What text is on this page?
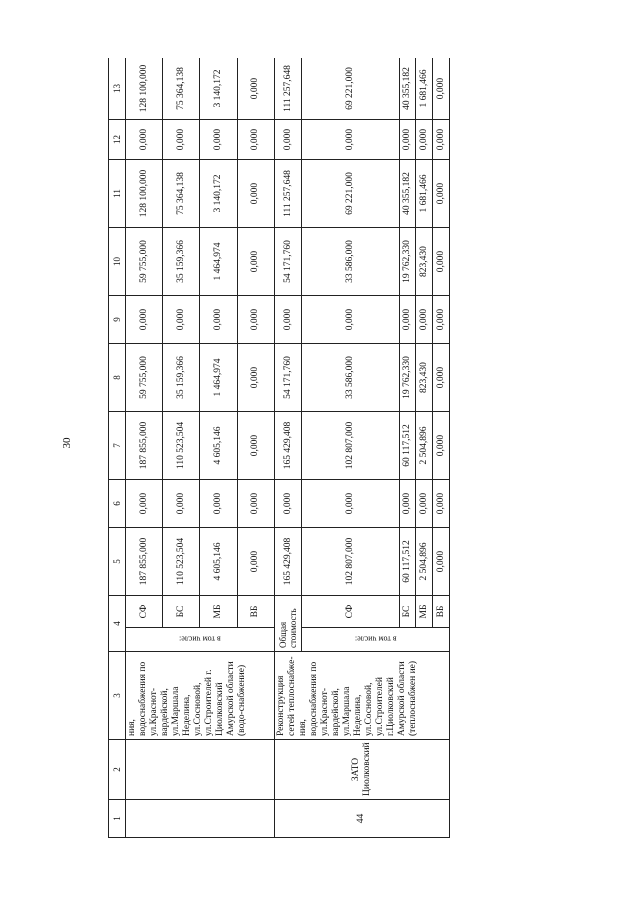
30
1	2	3	4		5	6	7	8	9	10	11	12	13
		ния, водоснабжения по ул.Краснот-вардейской, ул.Маршала Неделина, ул.Сосновой, ул.Строителей г. Циолковский Амурской области (водо-снабжение)	в том числе:	СФ	187 855,000	0,000	187 855,000	59 755,000	0,000	59 755,000	128 100,000	0,000	128 100,000
				БС	110 523,504	0,000	110 523,504	35 159,366	0,000	35 159,366	75 364,138	0,000	75 364,138
				МБ	4 605,146	0,000	4 605,146	1 464,974	0,000	1 464,974	3 140,172	0,000	3 140,172
				ВБ	0,000	0,000	0,000	0,000	0,000	0,000	0,000	0,000	0,000
44	ЗАТО Циолковский	Реконструкция сетей теплоснабже-ния, водоснабжения по ул.Краснот-вардейской, ул.Маршала Неделина, ул.Сосновой, ул.Строителей г.Циолковский Амурской области (теплоснабжен ие)	Общая стоимость		165 429,408	0,000	165 429,408	54 171,760	0,000	54 171,760	111 257,648	0,000	111 257,648
			в том числе:	СФ	102 807,000	0,000	102 807,000	33 586,000	0,000	33 586,000	69 221,000	0,000	69 221,000
				БС	60 117,512	0,000	60 117,512	19 762,330	0,000	19 762,330	40 355,182	0,000	40 355,182
				МБ	2 504,896	0,000	2 504,896	823,430	0,000	823,430	1 681,466	0,000	1 681,466
				ВБ	0,000	0,000	0,000	0,000	0,000	0,000	0,000	0,000	0,000
